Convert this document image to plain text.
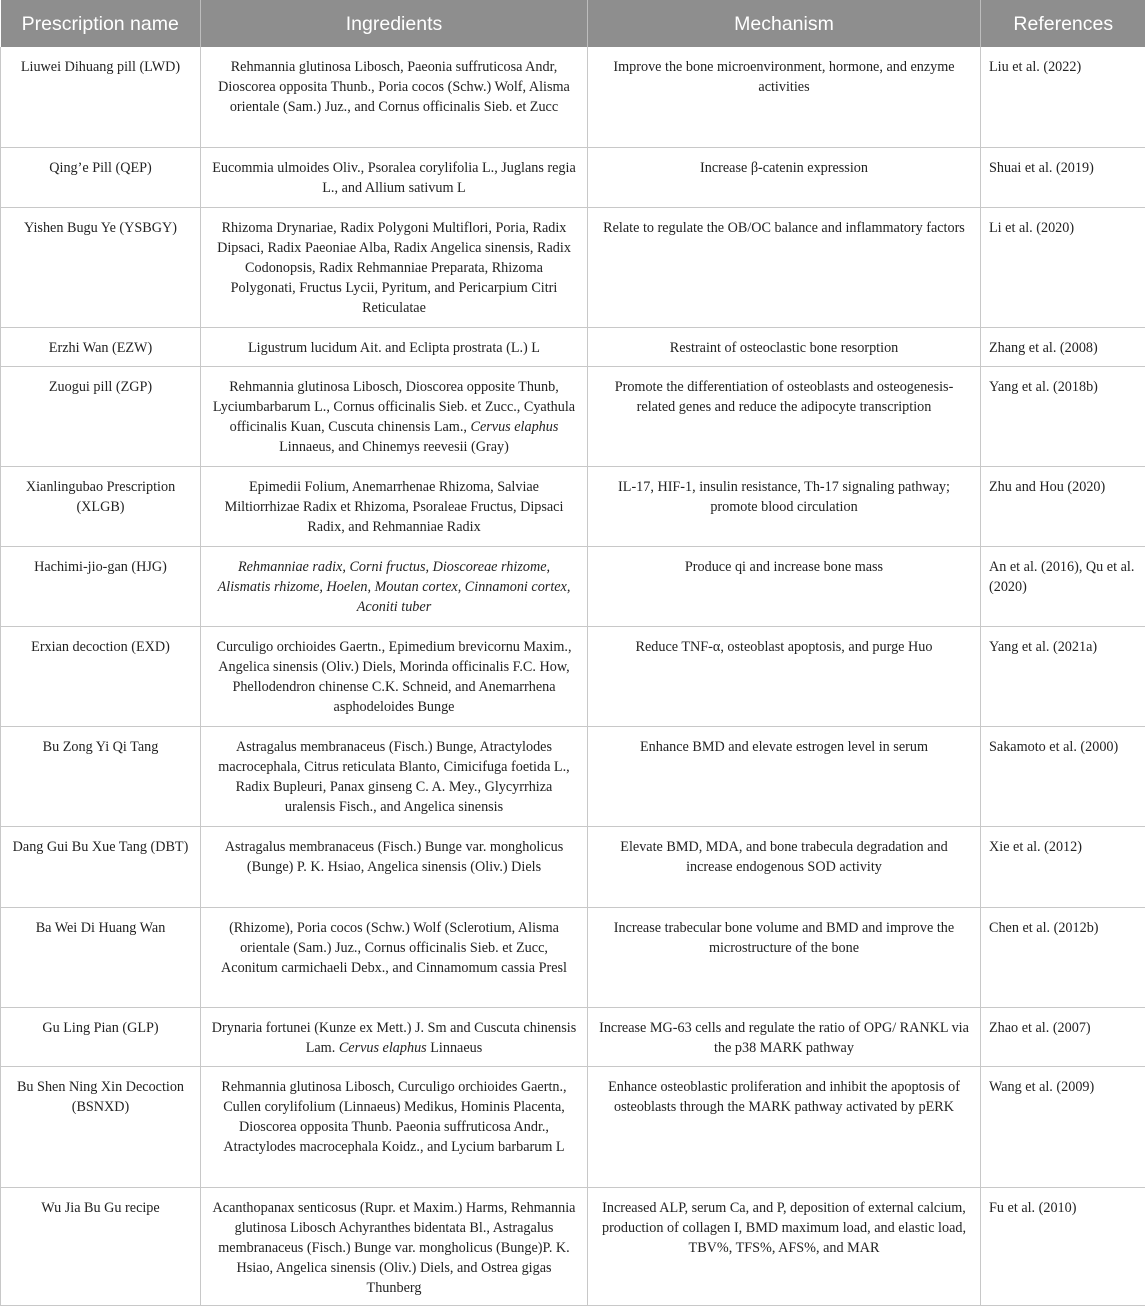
Prescription name	Ingredients	Mechanism	References
Liuwei Dihuang pill (LWD)	Rehmannia glutinosa Libosch, Paeonia suffruticosa Andr, Dioscorea opposita Thunb., Poria cocos (Schw.) Wolf, Alisma orientale (Sam.) Juz., and Cornus officinalis Sieb. et Zucc	Improve the bone microenvironment, hormone, and enzyme activities	Liu et al. (2022)
Qing’e Pill (QEP)	Eucommia ulmoides Oliv., Psoralea corylifolia L., Juglans regia L., and Allium sativum L	Increase β-catenin expression	Shuai et al. (2019)
Yishen Bugu Ye (YSBGY)	Rhizoma Drynariae, Radix Polygoni Multiflori, Poria, Radix Dipsaci, Radix Paeoniae Alba, Radix Angelica sinensis, Radix Codonopsis, Radix Rehmanniae Preparata, Rhizoma Polygonati, Fructus Lycii, Pyritum, and Pericarpium Citri Reticulatae	Relate to regulate the OB/OC balance and inflammatory factors	Li et al. (2020)
Erzhi Wan (EZW)	Ligustrum lucidum Ait. and Eclipta prostrata (L.) L	Restraint of osteoclastic bone resorption	Zhang et al. (2008)
Zuogui pill (ZGP)	Rehmannia glutinosa Libosch, Dioscorea opposite Thunb, Lyciumbarbarum L., Cornus officinalis Sieb. et Zucc., Cyathula officinalis Kuan, Cuscuta chinensis Lam., Cervus elaphus Linnaeus, and Chinemys reevesii (Gray)	Promote the differentiation of osteoblasts and osteogenesis-related genes and reduce the adipocyte transcription	Yang et al. (2018b)
Xianlingubao Prescription (XLGB)	Epimedii Folium, Anemarrhenae Rhizoma, Salviae Miltiorrhizae Radix et Rhizoma, Psoraleae Fructus, Dipsaci Radix, and Rehmanniae Radix	IL-17, HIF-1, insulin resistance, Th-17 signaling pathway; promote blood circulation	Zhu and Hou (2020)
Hachimi-jio-gan (HJG)	Rehmanniae radix, Corni fructus, Dioscoreae rhizome, Alismatis rhizome, Hoelen, Moutan cortex, Cinnamoni cortex, Aconiti tuber	Produce qi and increase bone mass	An et al. (2016), Qu et al. (2020)
Erxian decoction (EXD)	Curculigo orchioides Gaertn., Epimedium brevicornu Maxim., Angelica sinensis (Oliv.) Diels, Morinda officinalis F.C. How, Phellodendron chinense C.K. Schneid, and Anemarrhena asphodeloides Bunge	Reduce TNF-α, osteoblast apoptosis, and purge Huo	Yang et al. (2021a)
Bu Zong Yi Qi Tang	Astragalus membranaceus (Fisch.) Bunge, Atractylodes macrocephala, Citrus reticulata Blanto, Cimicifuga foetida L., Radix Bupleuri, Panax ginseng C. A. Mey., Glycyrrhiza uralensis Fisch., and Angelica sinensis	Enhance BMD and elevate estrogen level in serum	Sakamoto et al. (2000)
Dang Gui Bu Xue Tang (DBT)	Astragalus membranaceus (Fisch.) Bunge var. mongholicus (Bunge) P. K. Hsiao, Angelica sinensis (Oliv.) Diels	Elevate BMD, MDA, and bone trabecula degradation and increase endogenous SOD activity	Xie et al. (2012)
Ba Wei Di Huang Wan	(Rhizome), Poria cocos (Schw.) Wolf (Sclerotium, Alisma orientale (Sam.) Juz., Cornus officinalis Sieb. et Zucc, Aconitum carmichaeli Debx., and Cinnamomum cassia Presl	Increase trabecular bone volume and BMD and improve the microstructure of the bone	Chen et al. (2012b)
Gu Ling Pian (GLP)	Drynaria fortunei (Kunze ex Mett.) J. Sm and Cuscuta chinensis Lam. Cervus elaphus Linnaeus	Increase MG-63 cells and regulate the ratio of OPG/ RANKL via the p38 MARK pathway	Zhao et al. (2007)
Bu Shen Ning Xin Decoction (BSNXD)	Rehmannia glutinosa Libosch, Curculigo orchioides Gaertn., Cullen corylifolium (Linnaeus) Medikus, Hominis Placenta, Dioscorea opposita Thunb. Paeonia suffruticosa Andr., Atractylodes macrocephala Koidz., and Lycium barbarum L	Enhance osteoblastic proliferation and inhibit the apoptosis of osteoblasts through the MARK pathway activated by pERK	Wang et al. (2009)
Wu Jia Bu Gu recipe	Acanthopanax senticosus (Rupr. et Maxim.) Harms, Rehmannia glutinosa Libosch Achyranthes bidentata Bl., Astragalus membranaceus (Fisch.) Bunge var. mongholicus (Bunge)P. K. Hsiao, Angelica sinensis (Oliv.) Diels, and Ostrea gigas Thunberg	Increased ALP, serum Ca, and P, deposition of external calcium, production of collagen I, BMD maximum load, and elastic load, TBV%, TFS%, AFS%, and MAR	Fu et al. (2010)
